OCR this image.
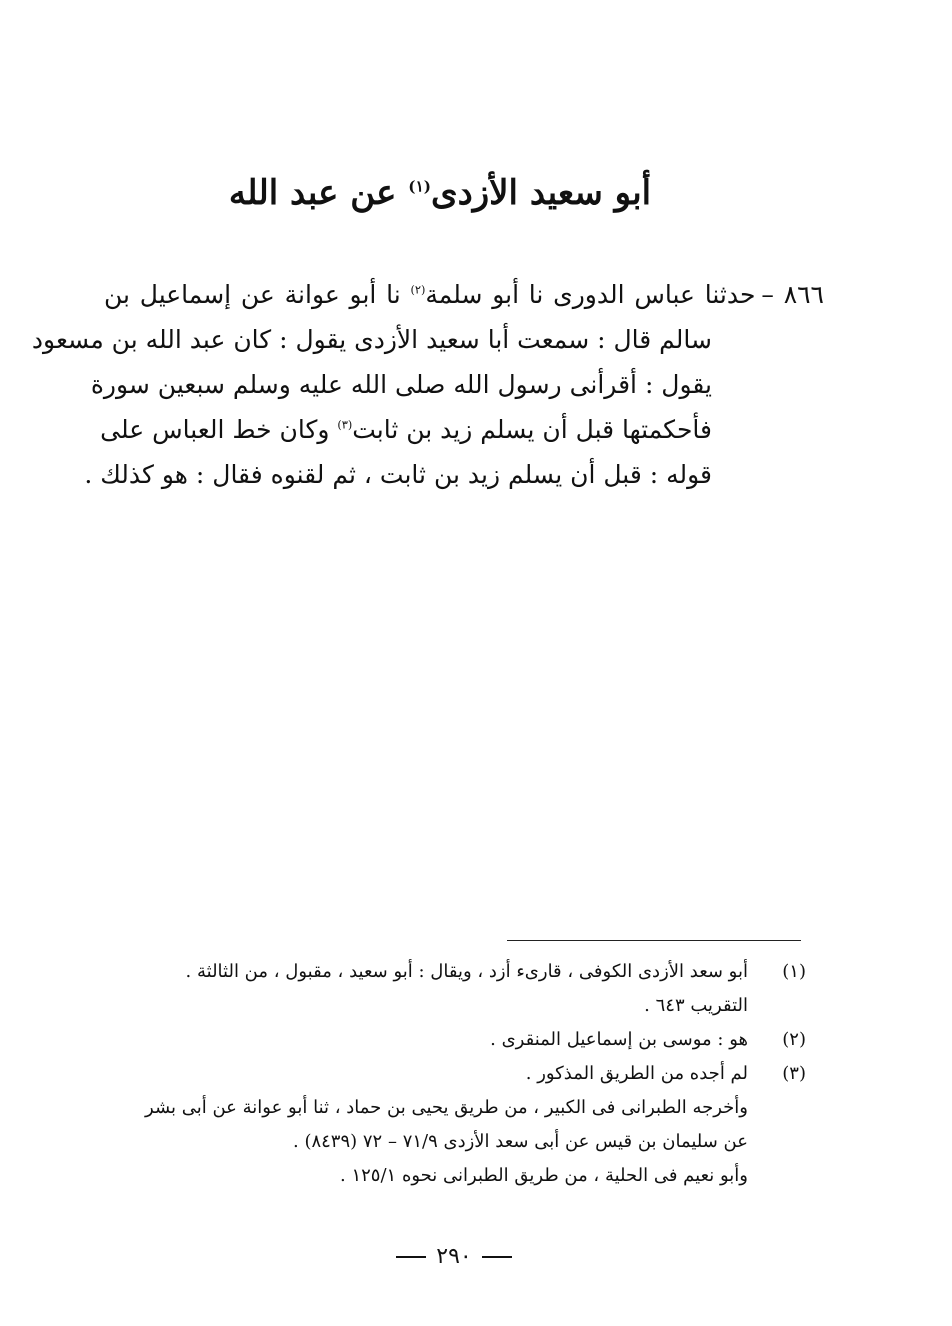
أبو سعيد الأزدى$^{(١)}$ عن عبد الله
٨٦٦ –حدثنا عباس الدورى نا أبو سلمة$^{(٢)}$ نا أبو عوانة عن إسماعيل بن
سالم قال : سمعت أبا سعيد الأزدى يقول : كان عبد الله بن مسعود
يقول : أقرأنى رسول الله صلى الله عليه وسلم سبعين سورة
فأحكمتها قبل أن يسلم زيد بن ثابت$^{(٣)}$ وكان خط العباس على
قوله : قبل أن يسلم زيد بن ثابت ، ثم لقنوه فقال : هو كذلك .
(١)أبو سعد الأزدى الكوفى ، قارىء أزد ، ويقال : أبو سعيد ، مقبول ، من الثالثة .
التقريب ٦٤٣ .
(٢)هو : موسى بن إسماعيل المنقرى .
(٣)لم أجده من الطريق المذكور .
وأخرجه الطبرانى فى الكبير ، من طريق يحيى بن حماد ، ثنا أبو عوانة عن أبى بشر
عن سليمان بن قيس عن أبى سعد الأزدى ٧١/٩ – ٧٢ (٨٤٣٩) .
وأبو نعيم فى الحلية ، من طريق الطبرانى نحوه ١٢٥/١ .
٢٩٠
